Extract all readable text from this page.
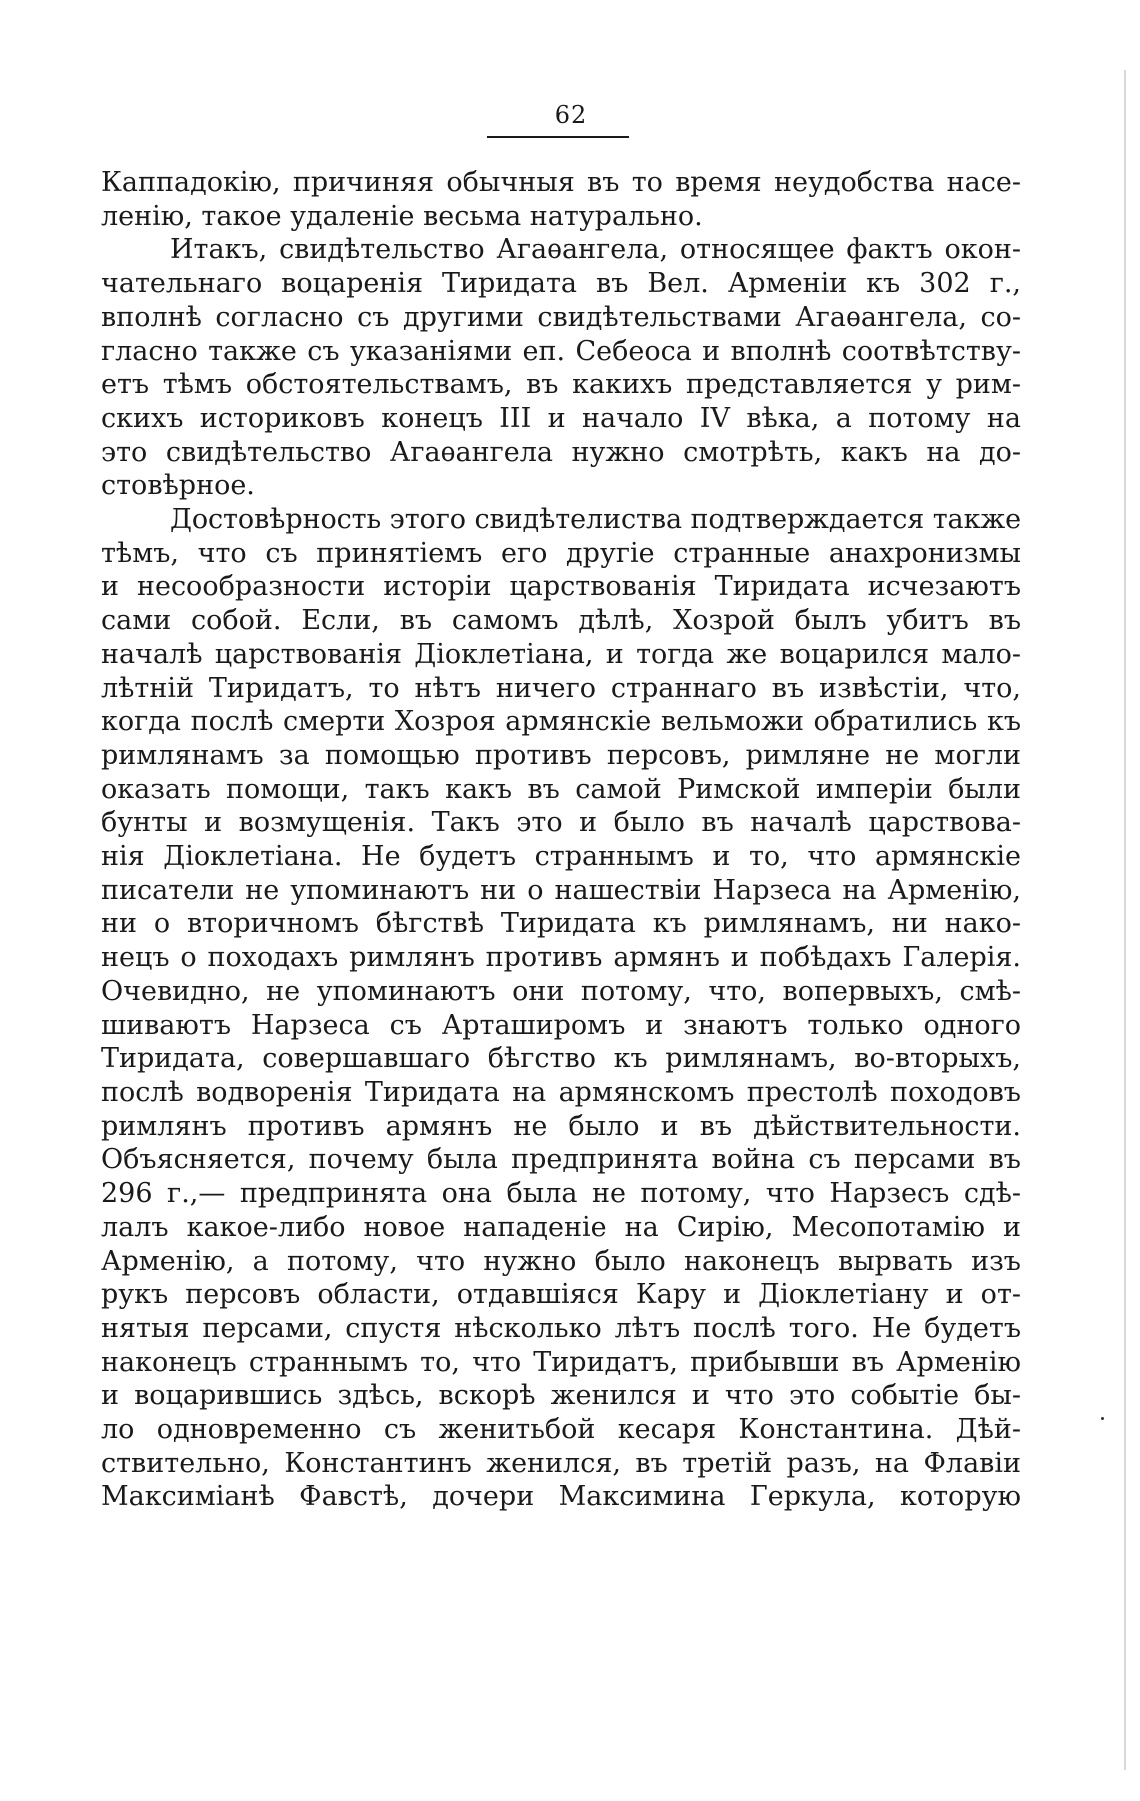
62
Каппадокію, причиняя обычныя въ то время неудобства насе-
ленію, такое удаленіе весьма натурально.
Итакъ, свидѣтельство Агаѳангела, относящее фактъ окон-
чательнаго воцаренія Тиридата въ Вел. Арменіи къ 302 г.,
вполнѣ согласно съ другими свидѣтельствами Агаѳангела, со-
гласно также съ указаніями еп. Себеоса и вполнѣ соотвѣтству-
етъ тѣмъ обстоятельствамъ, въ какихъ представляется у рим-
скихъ историковъ конецъ III и начало IV вѣка, а потому на
это свидѣтельство Агаѳангела нужно смотрѣть, какъ на до-
стовѣрное.
Достовѣрность этого свидѣтелиства подтверждается также
тѣмъ, что съ принятіемъ его другіе странные анахронизмы
и несообразности исторіи царствованія Тиридата исчезаютъ
сами собой. Если, въ самомъ дѣлѣ, Хозрой былъ убитъ въ
началѣ царствованія Діоклетіана, и тогда же воцарился мало-
лѣтній Тиридатъ, то нѣтъ ничего страннаго въ извѣстіи, что,
когда послѣ смерти Хозроя армянскіе вельможи обратились къ
римлянамъ за помощью противъ персовъ, римляне не могли
оказать помощи, такъ какъ въ самой Римской имперіи были
бунты и возмущенія. Такъ это и было въ началѣ царствова-
нія Діоклетіана. Не будетъ страннымъ и то, что армянскіе
писатели не упоминаютъ ни о нашествіи Нарзеса на Арменію,
ни о вторичномъ бѣгствѣ Тиридата къ римлянамъ, ни нако-
нецъ о походахъ римлянъ противъ армянъ и побѣдахъ Галерія.
Очевидно, не упоминаютъ они потому, что, вопервыхъ, смѣ-
шиваютъ Нарзеса съ Арташиромъ и знаютъ только одного
Тиридата, совершавшаго бѣгство къ римлянамъ, во-вторыхъ,
послѣ водворенія Тиридата на армянскомъ престолѣ походовъ
римлянъ противъ армянъ не было и въ дѣйствительности.
Объясняется, почему была предпринята война съ персами въ
296 г.,— предпринята она была не потому, что Нарзесъ сдѣ-
лалъ какое-либо новое нападеніе на Сирію, Месопотамію и
Арменію, а потому, что нужно было наконецъ вырвать изъ
рукъ персовъ области, отдавшіяся Кару и Діоклетіану и от-
нятыя персами, спустя нѣсколько лѣтъ послѣ того. Не будетъ
наконецъ страннымъ то, что Тиридатъ, прибывши въ Арменію
и воцарившись здѣсь, вскорѣ женился и что это событіе бы-
ло одновременно съ женитьбой кесаря Константина. Дѣй-
ствительно, Константинъ женился, въ третій разъ, на Флавіи
Максиміанѣ Фавстѣ, дочери Максимина Геркула, которую
